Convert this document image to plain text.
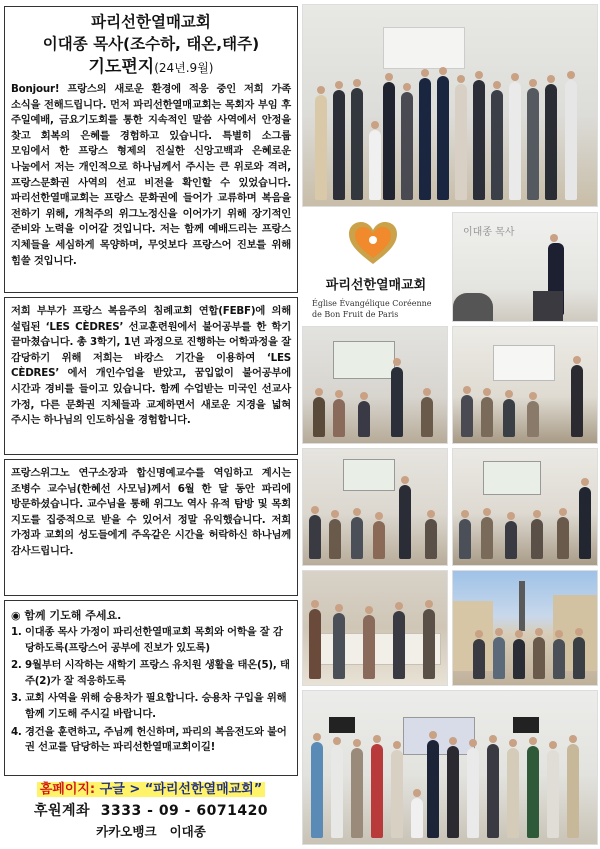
파리선한열매교회
이대종 목사(조수하, 태온,태주)
기도편지(24년.9월)
Bonjour! 프랑스의 새로운 환경에 적응 중인 저희 가족 소식을 전해드립니다. 먼저 파리선한열매교회는 목회자 부임 후 주일예배, 금요기도회를 통한 지속적인 말씀 사역에서 안정을 찾고 회복의 은혜를 경험하고 있습니다. 특별히 소그룹 모임에서 한 프랑스 형제의 진실한 신앙고백과 은혜로운 나눔에서 저는 개인적으로 하나님께서 주시는 큰 위로와 격려, 프랑스문화권 사역의 선교 비전을 확인할 수 있었습니다. 파리선한열매교회는 프랑스 문화권에 들어가 교류하며 복음을 전하기 위해, 개척주의 위그노정신을 이어가기 위해 장기적인 준비와 노력을 이어갈 것입니다. 저는 함께 예배드리는 프랑스 지체들을 세심하게 목양하며, 무엇보다 프랑스어 진보를 위해 힘쓸 것입니다.
저희 부부가 프랑스 복음주의 침례교회 연합(FEBF)에 의해 설립된 ‘LES CÈDRES’ 선교훈련원에서 불어공부를 한 학기 끝마쳤습니다. 총 3학기, 1년 과정으로 진행하는 어학과정을 잘 감당하기 위해 저희는 바캉스 기간을 이용하여 ‘LES CÈDRES’ 에서 개인수업을 받았고, 꿈입없이 불어공부에 시간과 경비를 들이고 있습니다. 함께 수업받는 미국인 선교사 가정, 다른 문화권 지체들과 교제하면서 새로운 지경을 넓혀 주시는 하나님의 인도하심을 경험합니다.
프랑스위그노 연구소장과 합신명예교수를 역임하고 계시는 조병수 교수님(한혜선 사모님)께서 6월 한 달 동안 파리에 방문하셨습니다. 교수님을 통해 위그노 역사 유적 탐방 및 목회 지도를 집중적으로 받을 수 있어서 정말 유익했습니다. 저희 가정과 교회의 성도들에게 주옥같은 시간을 허락하신 하나님께 감사드립니다.
◉ 함께 기도해 주세요.
1. 이대종 목사 가정이 파리선한열매교회 목회와 어학을 잘 감당하도록(프랑스어 공부에 진보가 있도록)
2. 9월부터 시작하는 새학기 프랑스 유치원 생활을 태온(5), 태주(2)가 잘 적응하도록
3. 교회 사역을 위해 승용차가 필요합니다. 승용차 구입을 위해 함께 기도해 주시길 바랍니다.
4. 경건을 훈련하고, 주님께 헌신하며, 파리의 복음전도와 불어권 선교를 담당하는 파리선한열매교회이길!
홈페이지: 구글 > “파리선한열매교회”
후원계좌 3333 - 09 - 6071420
카카오뱅크 이대종
파리선한열매교회
Église Évangélique Coréenne
de Bon Fruit de Paris
이대종 목사
